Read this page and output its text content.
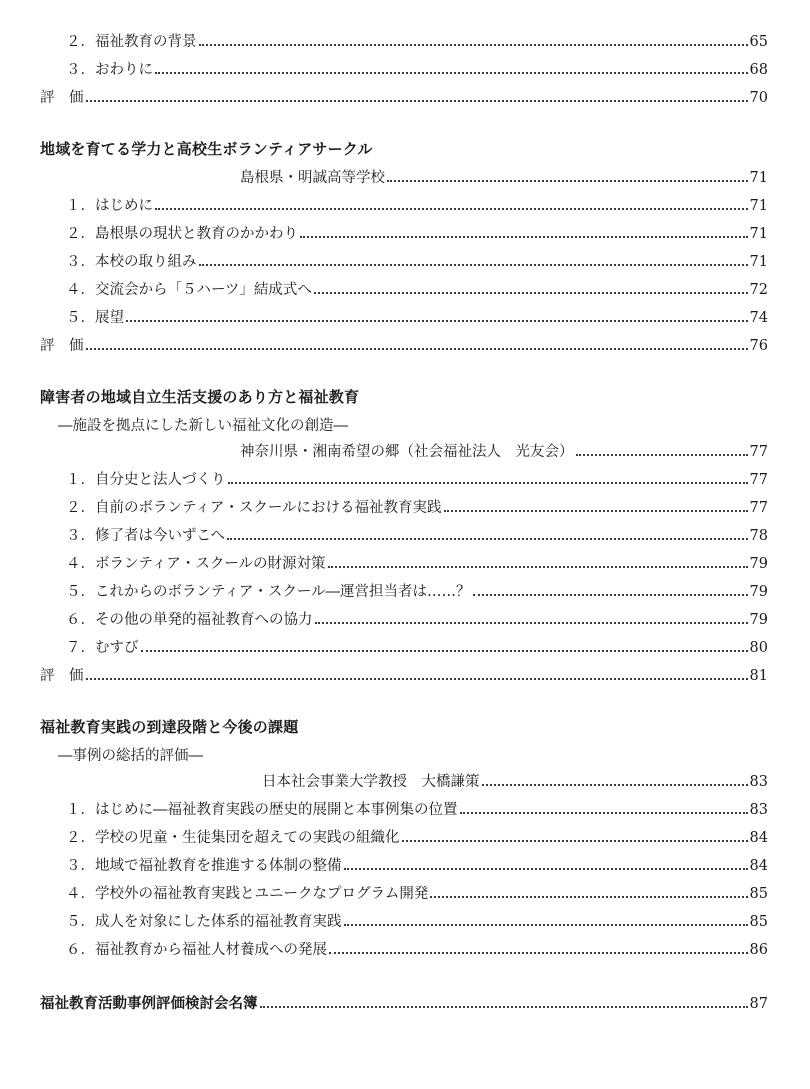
２．福祉教育の背景	65
３．おわりに	68
評　価	70
地域を育てる学力と高校生ボランティアサークル
島根県・明誠高等学校	71
１．はじめに	71
２．島根県の現状と教育のかかわり	71
３．本校の取り組み	71
４．交流会から「５ハーツ」結成式へ	72
５．展望	74
評　価	76
障害者の地域自立生活支援のあり方と福祉教育
―施設を拠点にした新しい福祉文化の創造―
神奈川県・湘南希望の郷（社会福祉法人　光友会）	77
１．自分史と法人づくり	77
２．自前のボランティア・スクールにおける福祉教育実践	77
３．修了者は今いずこへ	78
４．ボランティア・スクールの財源対策	79
５．これからのボランティア・スクール―運営担当者は……？	79
６．その他の単発的福祉教育への協力	79
７．むすび	80
評　価	81
福祉教育実践の到達段階と今後の課題
―事例の総括的評価―
日本社会事業大学教授　大橋謙策	83
１．はじめに―福祉教育実践の歴史的展開と本事例集の位置	83
２．学校の児童・生徒集団を超えての実践の組織化	84
３．地域で福祉教育を推進する体制の整備	84
４．学校外の福祉教育実践とユニークなプログラム開発	85
５．成人を対象にした体系的福祉教育実践	85
６．福祉教育から福祉人材養成への発展	86
福祉教育活動事例評価検討会名簿	87
